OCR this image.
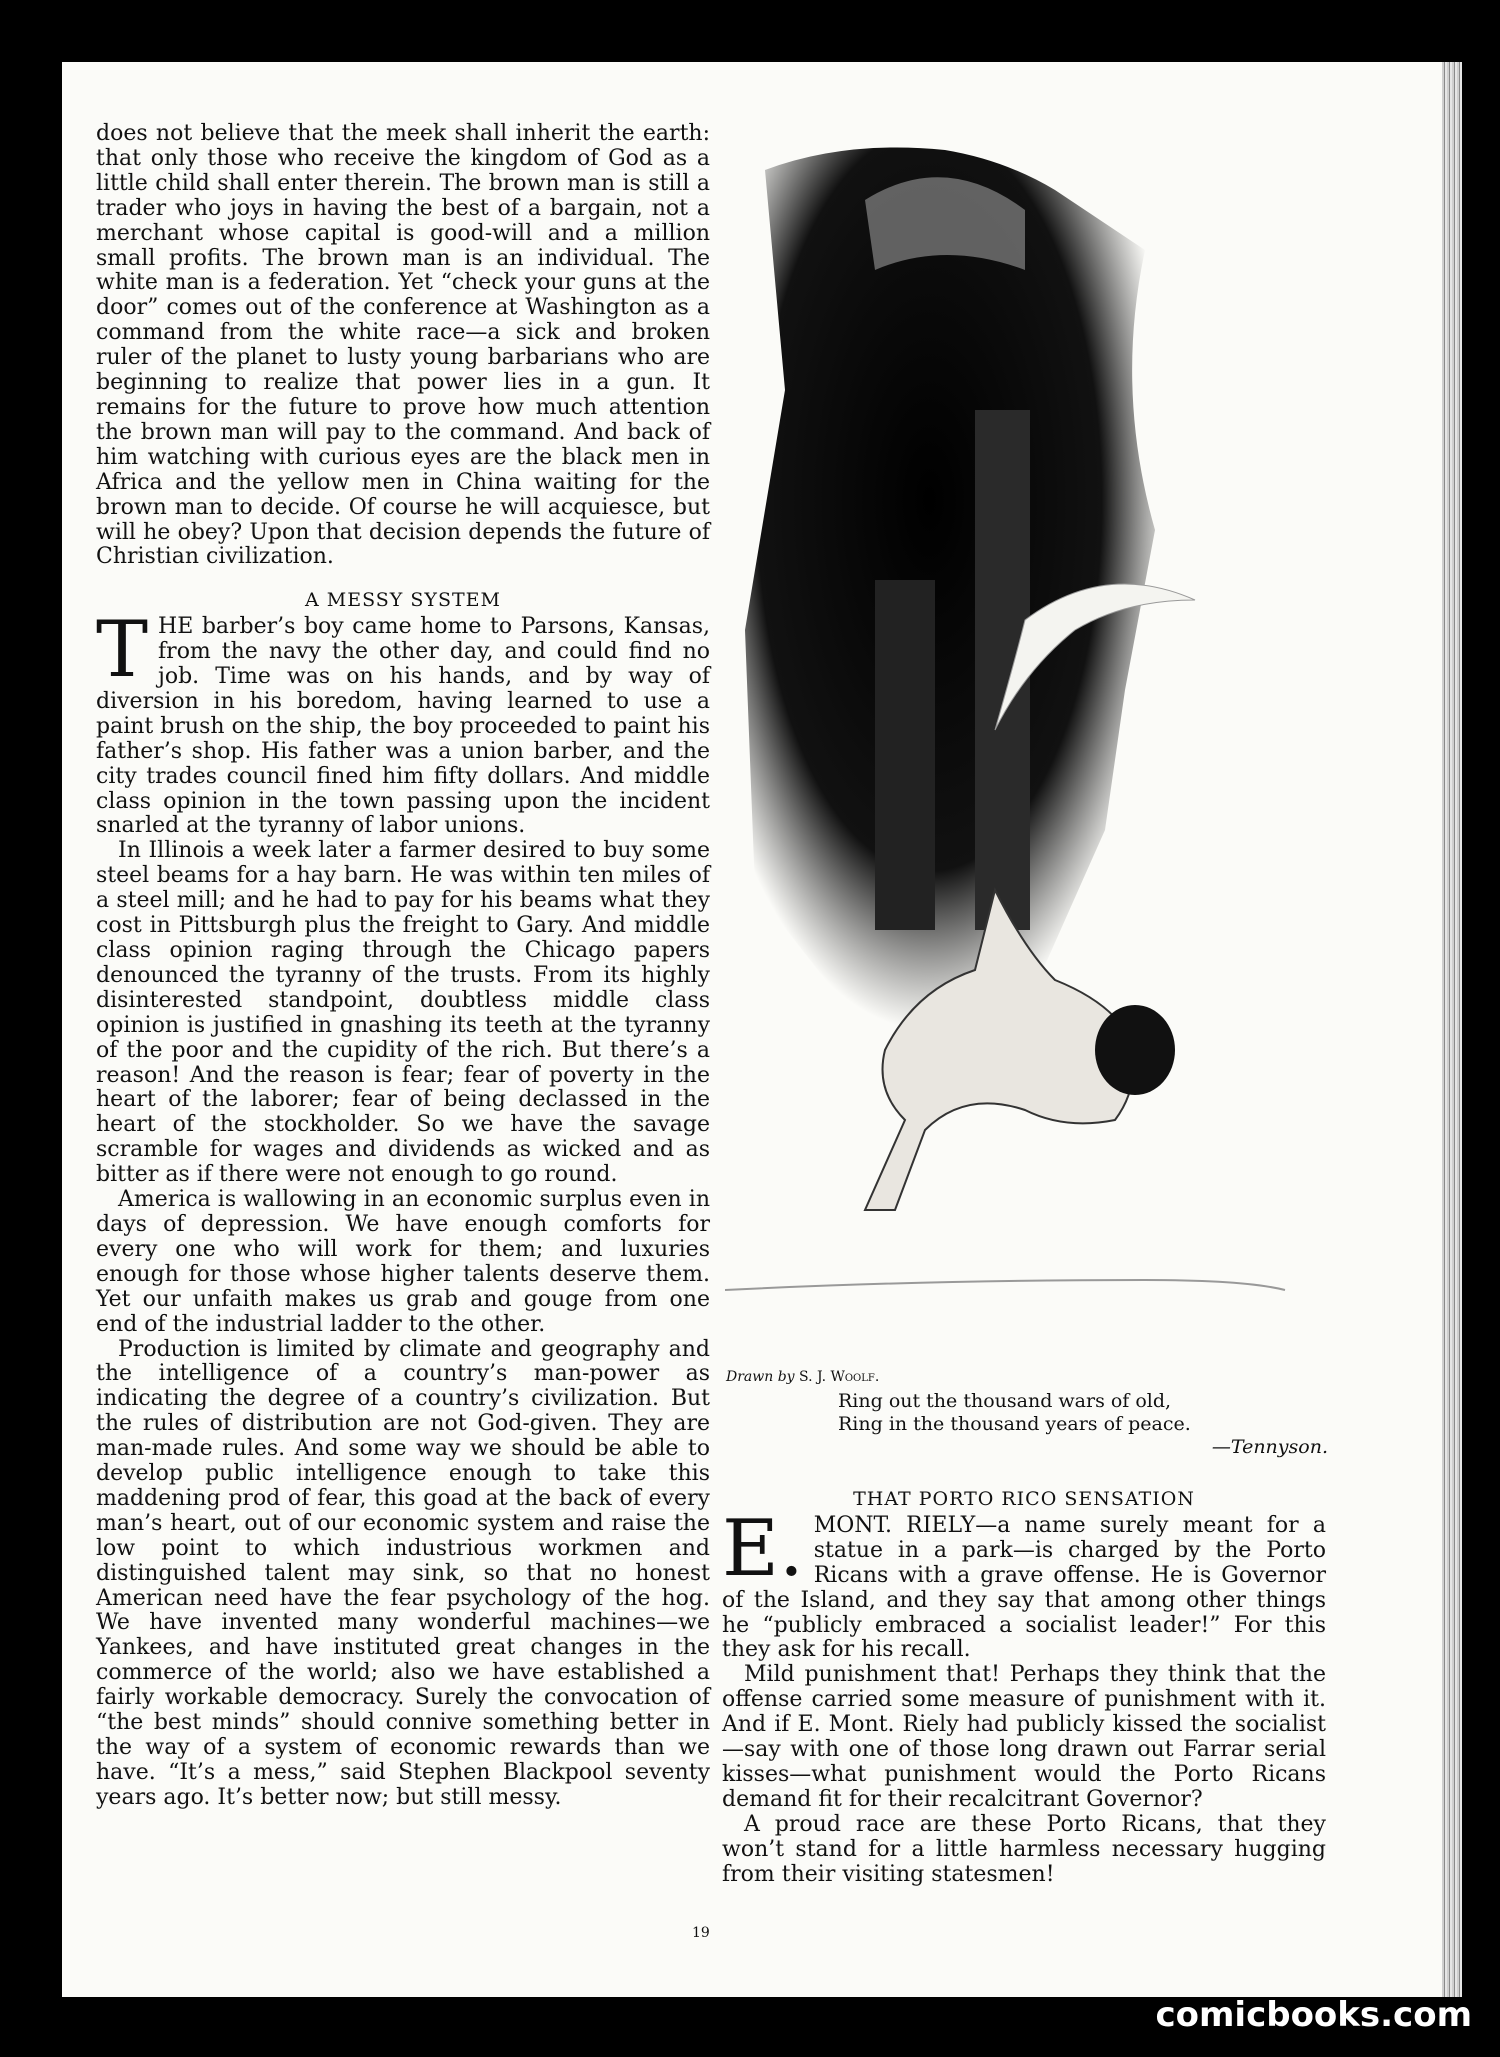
does not believe that the meek shall inherit the earth: that only those who receive the kingdom of God as a little child shall enter therein. The brown man is still a trader who joys in having the best of a bargain, not a merchant whose capital is good-will and a million small profits. The brown man is an individual. The white man is a federation. Yet “check your guns at the door” comes out of the conference at Washington as a command from the white race—a sick and broken ruler of the planet to lusty young barbarians who are beginning to realize that power lies in a gun. It remains for the future to prove how much attention the brown man will pay to the command. And back of him watching with curious eyes are the black men in Africa and the yellow men in China waiting for the brown man to decide. Of course he will acquiesce, but will he obey? Upon that decision depends the future of Christian civilization.

A MESSY SYSTEM

THE barber’s boy came home to Parsons, Kansas, from the navy the other day, and could find no job. Time was on his hands, and by way of diversion in his boredom, having learned to use a paint brush on the ship, the boy proceeded to paint his father’s shop. His father was a union barber, and the city trades council fined him fifty dollars. And middle class opinion in the town passing upon the incident snarled at the tyranny of labor unions.

In Illinois a week later a farmer desired to buy some steel beams for a hay barn. He was within ten miles of a steel mill; and he had to pay for his beams what they cost in Pittsburgh plus the freight to Gary. And middle class opinion raging through the Chicago papers denounced the tyranny of the trusts. From its highly disinterested standpoint, doubtless middle class opinion is justified in gnashing its teeth at the tyranny of the poor and the cupidity of the rich. But there’s a reason! And the reason is fear; fear of poverty in the heart of the laborer; fear of being declassed in the heart of the stockholder. So we have the savage scramble for wages and dividends as wicked and as bitter as if there were not enough to go round.

America is wallowing in an economic surplus even in days of depression. We have enough comforts for every one who will work for them; and luxuries enough for those whose higher talents deserve them. Yet our unfaith makes us grab and gouge from one end of the industrial ladder to the other.

Production is limited by climate and geography and the intelligence of a country’s man-power as indicating the degree of a country’s civilization. But the rules of distribution are not God-given. They are man-made rules. And some way we should be able to develop public intelligence enough to take this maddening prod of fear, this goad at the back of every man’s heart, out of our economic system and raise the low point to which industrious workmen and distinguished talent may sink, so that no honest American need have the fear psychology of the hog. We have invented many wonderful machines—we Yankees, and have instituted great changes in the commerce of the world; also we have established a fairly workable democracy. Surely the convocation of “the best minds” should connive something better in the way of a system of economic rewards than we have. “It’s a mess,” said Stephen Blackpool seventy years ago. It’s better now; but still messy.

Drawn by S. J. Woolf.
Ring out the thousand wars of old,
Ring in the thousand years of peace.
—Tennyson.
THAT PORTO RICO SENSATION

E. MONT. RIELY—a name surely meant for a statue in a park—is charged by the Porto Ricans with a grave offense. He is Governor of the Island, and they say that among other things he “publicly embraced a socialist leader!” For this they ask for his recall.

Mild punishment that! Perhaps they think that the offense carried some measure of punishment with it. And if E. Mont. Riely had publicly kissed the socialist—say with one of those long drawn out Farrar serial kisses—what punishment would the Porto Ricans demand fit for their recalcitrant Governor?

A proud race are these Porto Ricans, that they won’t stand for a little harmless necessary hugging from their visiting statesmen!

19
comicbooks.com
